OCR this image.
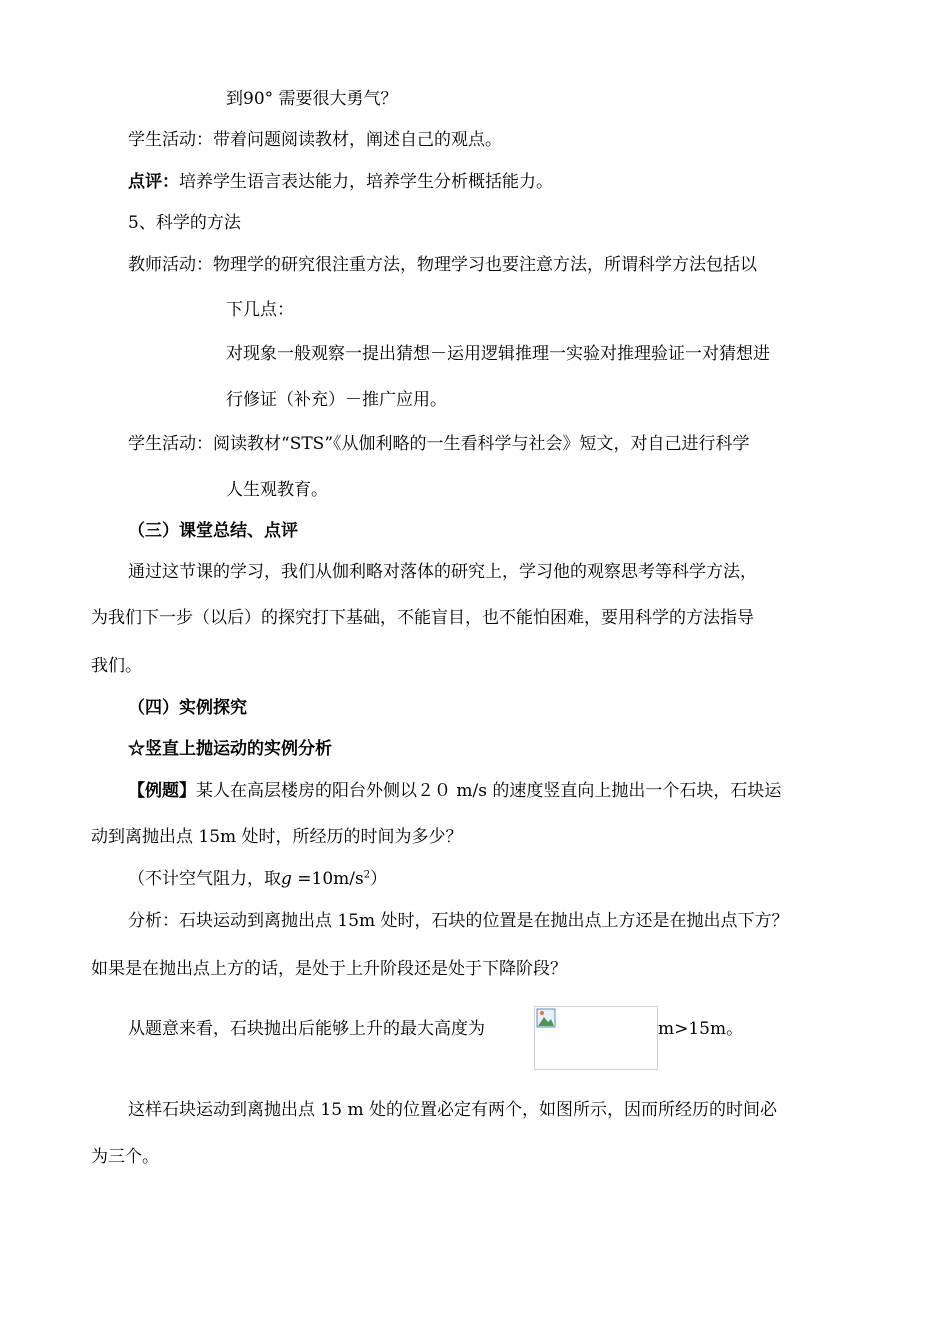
到90° 需要很大勇气？
学生活动：带着问题阅读教材，阐述自己的观点。
点评：培养学生语言表达能力，培养学生分析概括能力。
5、科学的方法
教师活动：物理学的研究很注重方法，物理学习也要注意方法，所谓科学方法包括以
下几点：
对现象一般观察一提出猜想－运用逻辑推理一实验对推理验证一对猜想进
行修证（补充）－推广应用。
学生活动：阅读教材“STS”《从伽利略的一生看科学与社会》短文，对自己进行科学
人生观教育。
（三）课堂总结、点评
通过这节课的学习，我们从伽利略对落体的研究上，学习他的观察思考等科学方法，
为我们下一步（以后）的探究打下基础，不能盲目，也不能怕困难，要用科学的方法指导
我们。
（四）实例探究
☆竖直上抛运动的实例分析
【例题】某人在高层楼房的阳台外侧以２０ m/s 的速度竖直向上抛出一个石块，石块运
动到离抛出点 15m 处时，所经历的时间为多少？
（不计空气阻力，取$g =10m/s^2$）
分析：石块运动到离抛出点 15m 处时，石块的位置是在抛出点上方还是在抛出点下方？
如果是在抛出点上方的话，是处于上升阶段还是处于下降阶段？
从题意来看，石块抛出后能够上升的最大高度为	m>15m。
这样石块运动到离抛出点 15 m 处的位置必定有两个，如图所示，因而所经历的时间必
为三个。
